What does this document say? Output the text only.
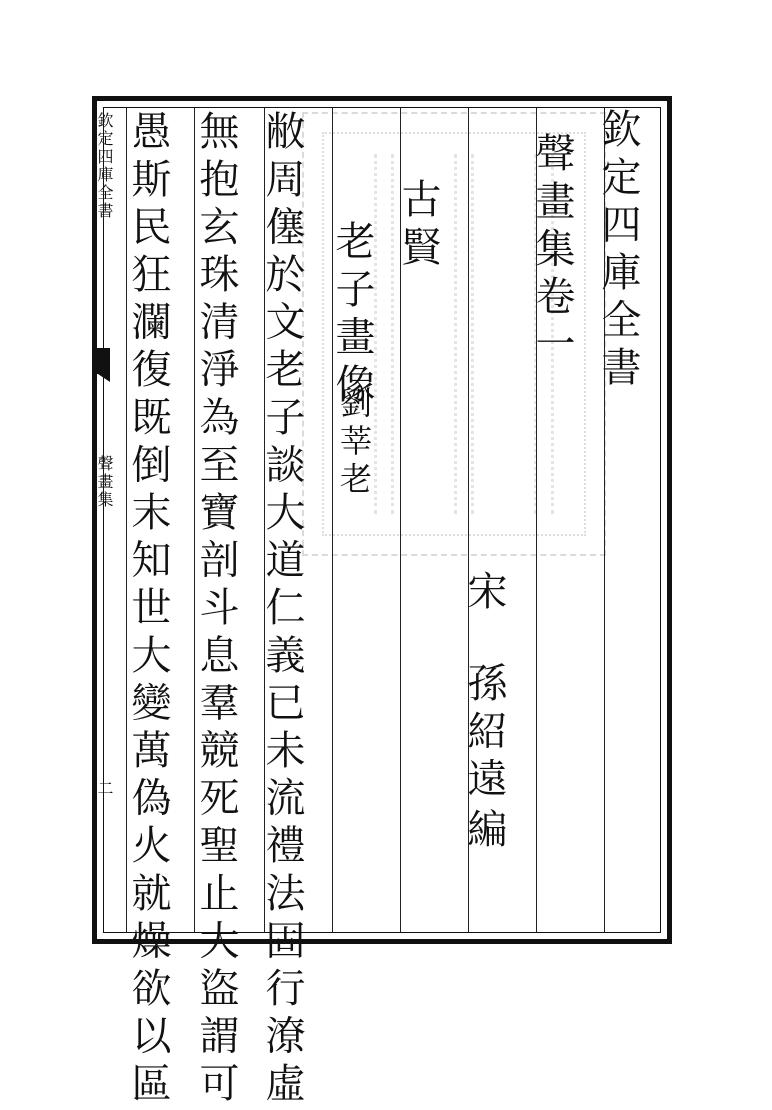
欽定四庫全書
聲畫集
二
欽定四庫全書
聲畫集卷一
宋
孫紹遠
編
古賢
老子畫像
劉莘老
敝周僿於文老子談大道仁義已未流禮法固行潦虛
無抱玄珠清淨為至寶剖斗息羣競死聖止大盜謂可
愚斯民狂瀾復既倒末知世大變萬偽火就燥欲以區
